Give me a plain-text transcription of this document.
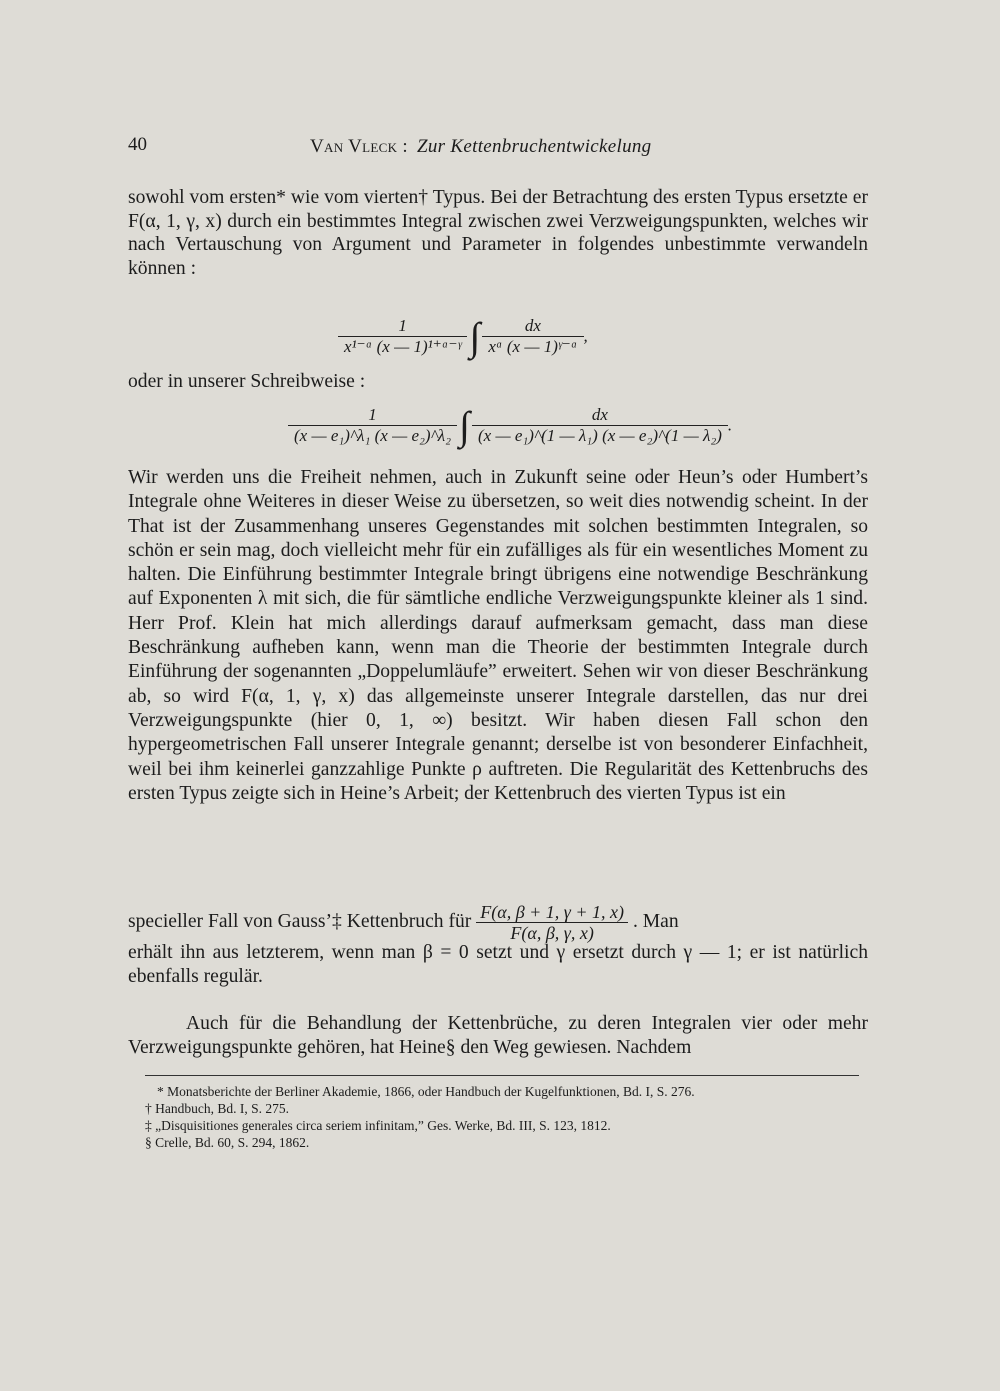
40	Van Vleck : Zur Kettenbruchentwickelung

sowohl vom ersten* wie vom vierten† Typus. Bei der Betrachtung des ersten Typus ersetzte er F(α, 1, γ, x) durch ein bestimmtes Integral zwischen zwei Verzweigungspunkten, welches wir nach Vertauschung von Argument und Parameter in folgendes unbestimmte verwandeln können :

$\frac{1}{\text{x¹⁻ᵅ (x — 1)¹⁺ᵅ⁻ᵞ}}$ ∫ $\frac{dx}{\text{xᵅ (x — 1)ᵞ⁻ᵅ}}$ ,

oder in unserer Schreibweise :

$\frac{1}{\text{(x — e₁)\textasciicircum{}λ₁ (x — e₂)\textasciicircum{}λ₂}}$ ∫ $\frac{dx}{\text{(x — e₁)\textasciicircum{}(1 — λ₁) (x — e₂)\textasciicircum{}(1 — λ₂)}}$ .

Wir werden uns die Freiheit nehmen, auch in Zukunft seine oder Heun’s oder Humbert’s Integrale ohne Weiteres in dieser Weise zu übersetzen, so weit dies notwendig scheint. In der That ist der Zusammenhang unseres Gegenstandes mit solchen bestimmten Integralen, so schön er sein mag, doch vielleicht mehr für ein zufälliges als für ein wesentliches Moment zu halten. Die Einführung bestimmter Integrale bringt übrigens eine notwendige Beschränkung auf Exponenten λ mit sich, die für sämtliche endliche Verzweigungspunkte kleiner als 1 sind. Herr Prof. Klein hat mich allerdings darauf aufmerksam gemacht, dass man diese Beschränkung aufheben kann, wenn man die Theorie der bestimmten Integrale durch Einführung der sogenannten „Doppelumläufe” erweitert. Sehen wir von dieser Beschränkung ab, so wird F(α, 1, γ, x) das allgemeinste unserer Integrale darstellen, das nur drei Verzweigungspunkte (hier 0, 1, ∞) besitzt. Wir haben diesen Fall schon den hypergeometrischen Fall unserer Integrale genannt; derselbe ist von besonderer Einfachheit, weil bei ihm keinerlei ganzzahlige Punkte ρ auftreten. Die Regularität des Kettenbruchs des ersten Typus zeigte sich in Heine’s Arbeit; der Kettenbruch des vierten Typus ist ein

specieller Fall von Gauss’‡ Kettenbruch für $\frac{F(\alpha, \beta + 1, \gamma + 1, x)}{F(\alpha, \beta, \gamma, x)}$ . Man

erhält ihn aus letzterem, wenn man β = 0 setzt und γ ersetzt durch γ — 1; er ist natürlich ebenfalls regulär.

Auch für die Behandlung der Kettenbrüche, zu deren Integralen vier oder mehr Verzweigungspunkte gehören, hat Heine§ den Weg gewiesen. Nachdem

* Monatsberichte der Berliner Akademie, 1866, oder Handbuch der Kugelfunktionen, Bd. I, S. 276.

† Handbuch, Bd. I, S. 275.

‡ „Disquisitiones generales circa seriem infinitam,” Ges. Werke, Bd. III, S. 123, 1812.

§ Crelle, Bd. 60, S. 294, 1862.
